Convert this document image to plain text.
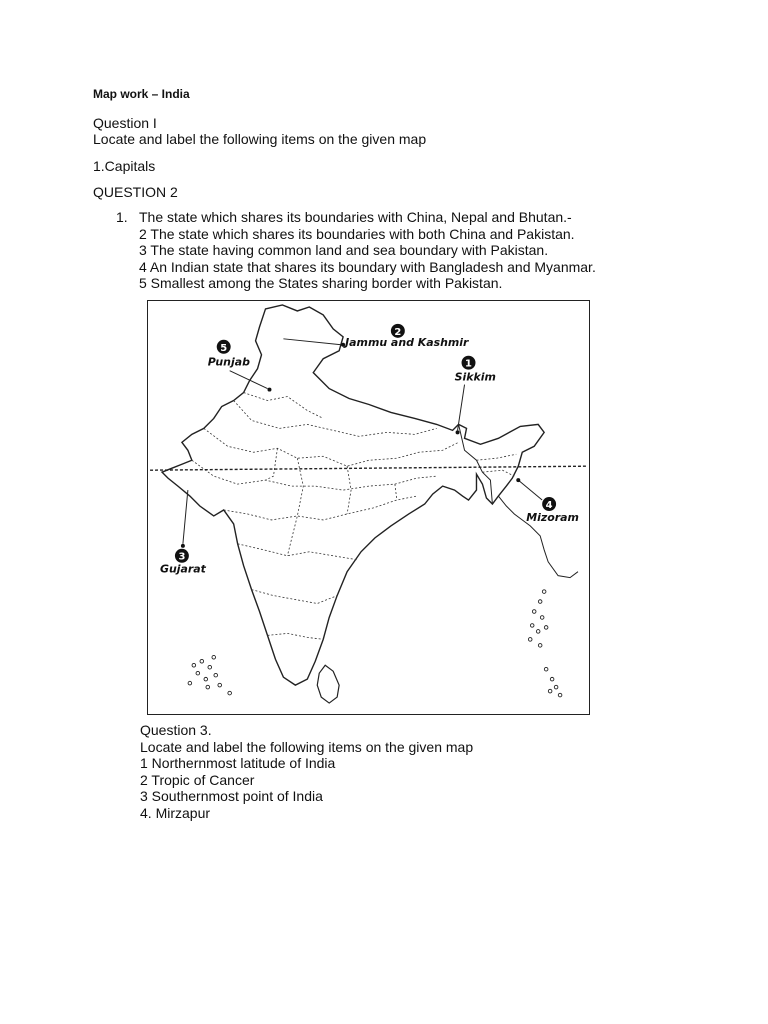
Map work – India
Question I
Locate and label the following items on the given map
1.Capitals
QUESTION 2
1. The state which shares its boundaries with China, Nepal and Bhutan.-
2 The state which shares its boundaries with both China and Pakistan.
3 The state having common land and sea boundary with Pakistan.
4 An Indian state that shares its boundary with Bangladesh and Myanmar.
5 Smallest among the States sharing border with Pakistan.
1
Sikkim
2
Jammu and Kashmir
5
Punjab
3
Gujarat
4
Mizoram
Question 3.
Locate and label the following items on the given map
1 Northernmost latitude of India
2 Tropic of Cancer
3 Southernmost point of India
4. Mirzapur
